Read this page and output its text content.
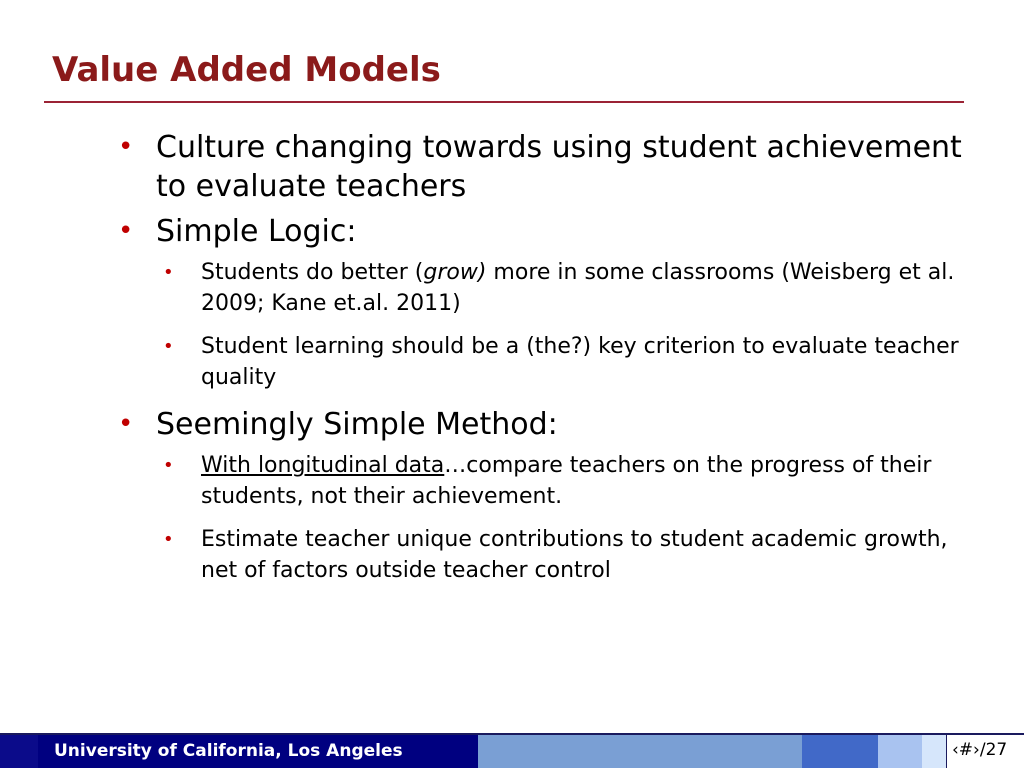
Value Added Models
• Culture changing towards using student achievement to evaluate teachers
• Simple Logic:
• Students do better (grow) more in some classrooms (Weisberg et al. 2009; Kane et.al. 2011)
• Student learning should be a (the?) key criterion to evaluate teacher quality
• Seemingly Simple Method:
• With longitudinal data…compare teachers on the progress of their students, not their achievement.
• Estimate teacher unique contributions to student academic growth, net of factors outside teacher control
University of California, Los Angeles	‹#›/27
